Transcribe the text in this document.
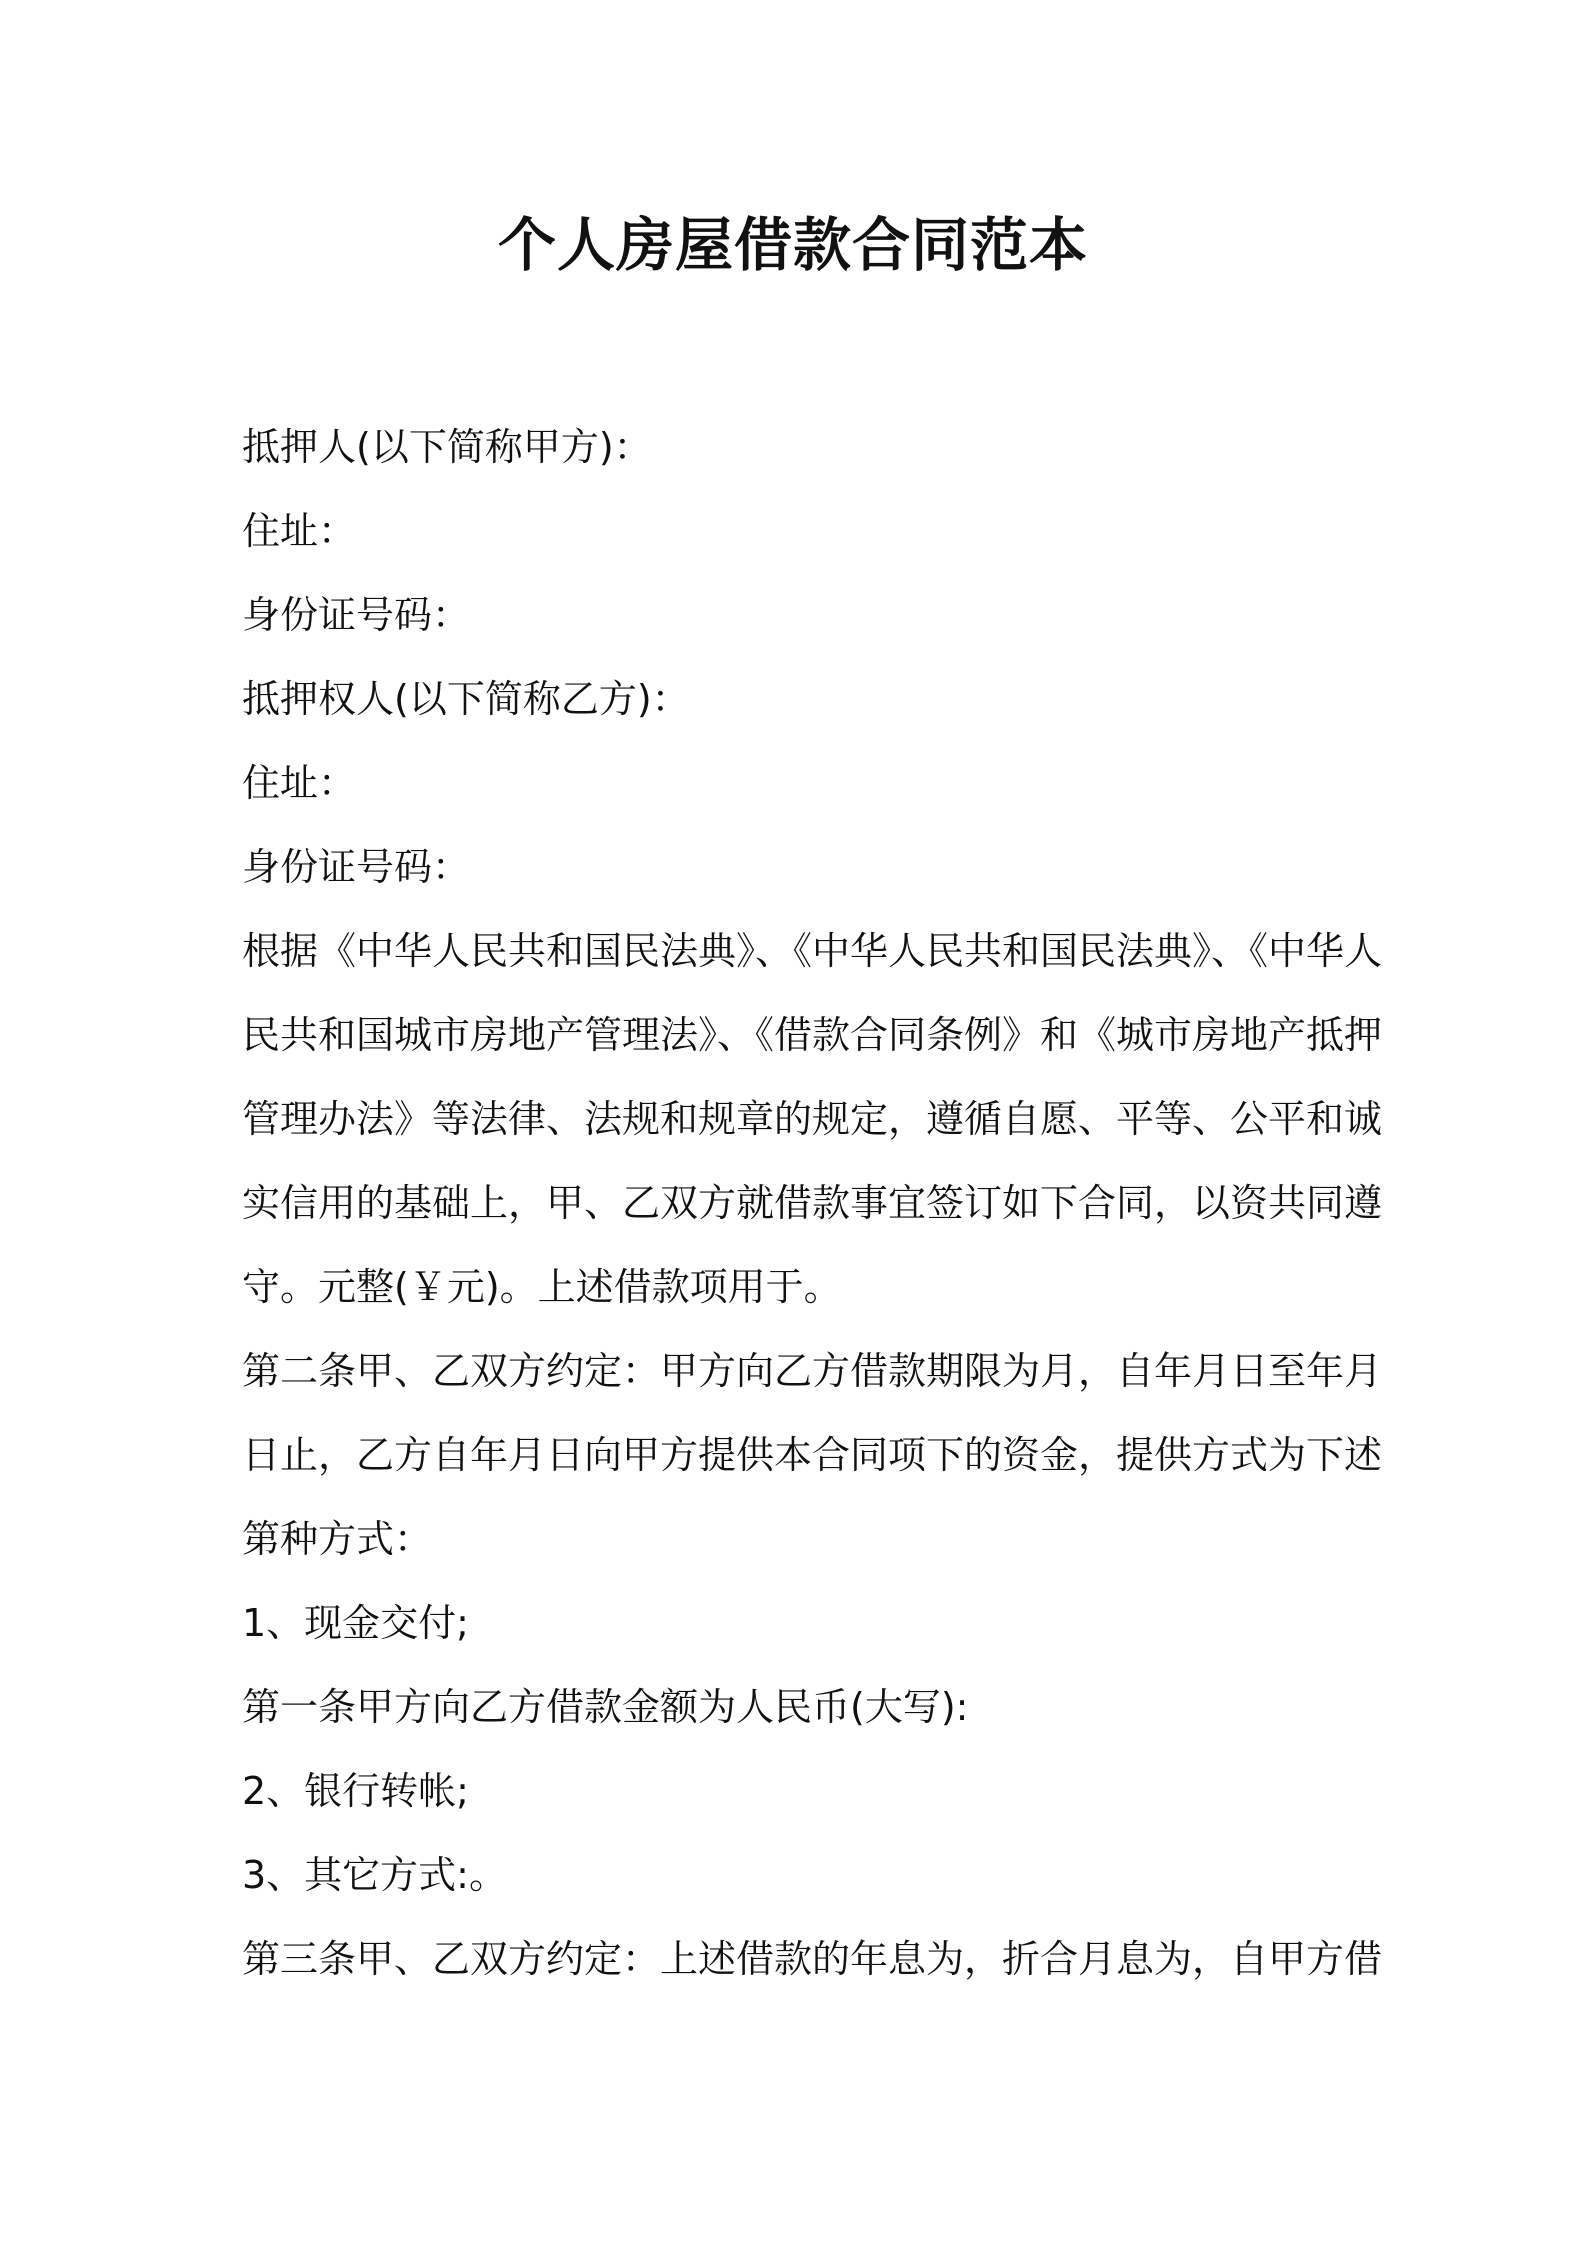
个人房屋借款合同范本
抵押人(以下简称甲方)：
住址：
身份证号码：
抵押权人(以下简称乙方)：
住址：
身份证号码：
根据《中华人民共和国民法典》、《中华人民共和国民法典》、《中华人
民共和国城市房地产管理法》、《借款合同条例》和《城市房地产抵押
管理办法》等法律、法规和规章的规定，遵循自愿、平等、公平和诚
实信用的基础上，甲、乙双方就借款事宜签订如下合同，以资共同遵
守。元整(￥元)。上述借款项用于。
第二条甲、乙双方约定：甲方向乙方借款期限为月，自年月日至年月
日止，乙方自年月日向甲方提供本合同项下的资金，提供方式为下述
第种方式：
1、现金交付;
第一条甲方向乙方借款金额为人民币(大写):
2、银行转帐;
3、其它方式:。
第三条甲、乙双方约定：上述借款的年息为，折合月息为，自甲方借
